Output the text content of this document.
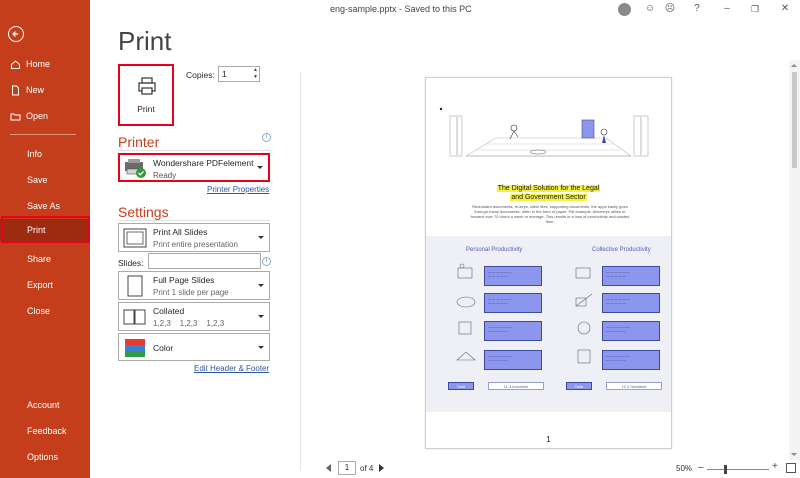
Home
New
Open
Info
Save
Save As
Print
Share
Export
Close
Account
Feedback
Options
eng-sample.pptx - Saved to this PC	☺ ☹	?	–	❐ ✕
Print
Print
Copies: 1	▲
▼
Printer	i
Wondershare PDFelement
Ready
Printer Properties
Settings
Print All Slides
Print entire presentation
Slides:	i
Full Page Slides
Print 1 slide per page
Collated
1,2,3    1,2,3    1,2,3
Color
Edit Header & Footer
The Digital Solution for the Legal
and Government Sector
Redundant documents, re-keys, client files, supporting documents, the apps easily goes through many documents, often in the form of paper. Pdf example. Attorneys utilize or forward over 70 hours a week or average. This results in a loss of productivity and wasted time.
Personal Productivity	Collective Productivity
— — — — — —
— — — — —
— — — — — —
— — — — —
— — — — — —
— — — — —
— — — — — —
— — — — —
Total	11.3 hrs/week
— — — — — —
— — — — —
— — — — — —
— — — — —
— — — — — —
— — — — —
— — — — — —
— — — — —
Total	12.2 hrs/week
1
1	of 4	50% –	+
